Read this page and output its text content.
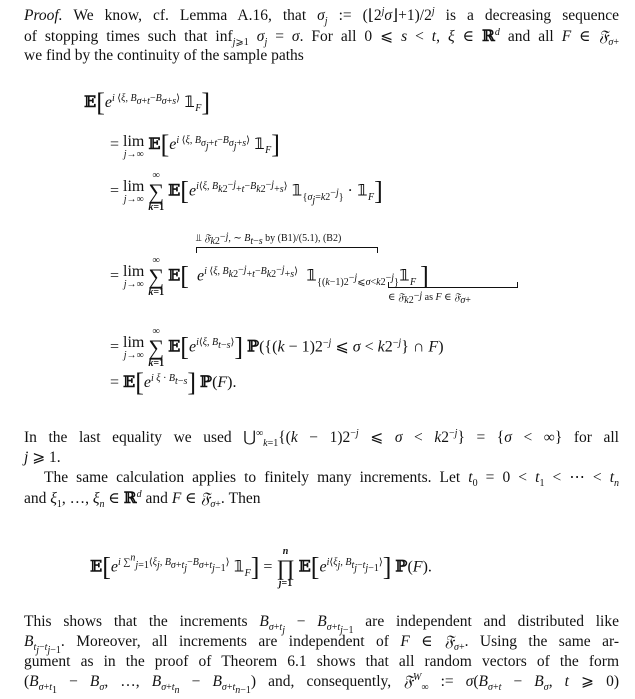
Proof. We know, cf. Lemma A.16, that $\sigma_j$ := $(⌊2^j\sigma⌋+1)/2^j$ is a decreasing sequence
of stopping times such that inf$_{j⩾1}$ $\sigma_j = \sigma$. For all 0 ⩽ s < t, ξ ∈ ℝ$^d$ and all F ∈ 𝔉$_{\sigma+}$
we find by the continuity of the sample paths
$𝔼[e^{i ⟨\xi, B_{\sigma+t}-B_{\sigma+s}⟩}$ $𝟙_F$]
= lim
j→∞
$𝔼[e^{i ⟨\xi, B_{\sigma_j+t}-B_{\sigma_j+s}⟩}$ $𝟙_F$]
= lim
j→∞

∞
∑
k=1
$𝔼[e^{i⟨\xi, B_{k2^{-j}+t}-B_{k2^{-j}+s}⟩}$ $𝟙_{\{\sigma_j=k2^{-j}\}}$ · $𝟙_F$]
⫫ 𝔉$_{k2^{-j}}$, ∼ $B_{t-s}$ by (B1)/(5.1), (B2)
= lim
j→∞

∞
∑
k=1
𝔼[ $e^{i ⟨\xi, B_{k2^{-j}+t}-B_{k2^{-j}+s}⟩}$ $𝟙_{\{(k-1)2^{-j}⩽\sigma<k2^{-j}\}}𝟙_F$ ]
∈ 𝔉$_{k2^{-j}}$ as F ∈ 𝔉$_{\sigma+}$
= lim
j→∞

∞
∑
k=1
$𝔼[e^{i⟨\xi, B_{t-s}⟩}]$ ℙ({(k − $1)2^{-j}$ ⩽ $\sigma < k2^{-j}$} ∩ F)
= $𝔼[e^{i \xi \cdot B_{t-s}}]$ ℙ(F).
In the last equality we used $⋃^\infty_{k=1}\{(k - 1)2^{-j}$ ⩽ $\sigma < k2^{-j}\} = \{\sigma$ < ∞} for all
j ⩾ 1.
The same calculation applies to finitely many increments. Let $t_0 = 0 < t_1$ < ⋯ < $t_n$
and $\xi_1$, …, $\xi_n$ ∈ ℝ$^d$ and F ∈ 𝔉$_{\sigma+}$. Then
$𝔼[e^{i \sum^n_{j=1}⟨\xi_j, B_{\sigma+t_j}-B_{\sigma+t_{j-1}}⟩}$ $𝟙_F$] =
n
∏
j=1
$𝔼[e^{i⟨\xi_j, B_{t_j-t_{j-1}}⟩}]$ ℙ(F).
This shows that the increments $B_{\sigma+t_j} - B_{\sigma+t_{j-1}}$ are independent and distributed like
$B_{t_j-t_{j-1}}$. Moreover, all increments are independent of F ∈ 𝔉$_{\sigma+}$. Using the same ar-
gument as in the proof of Theorem 6.1 shows that all random vectors of the form
($B_{\sigma+t_1} - B_\sigma$, …, $B_{\sigma+t_n} - B_{\sigma+t_{n-1}}$) and, consequently, 𝔉$^W_\infty$ := $\sigma(B_{\sigma+t} - B_\sigma$, t ⩾ 0)
